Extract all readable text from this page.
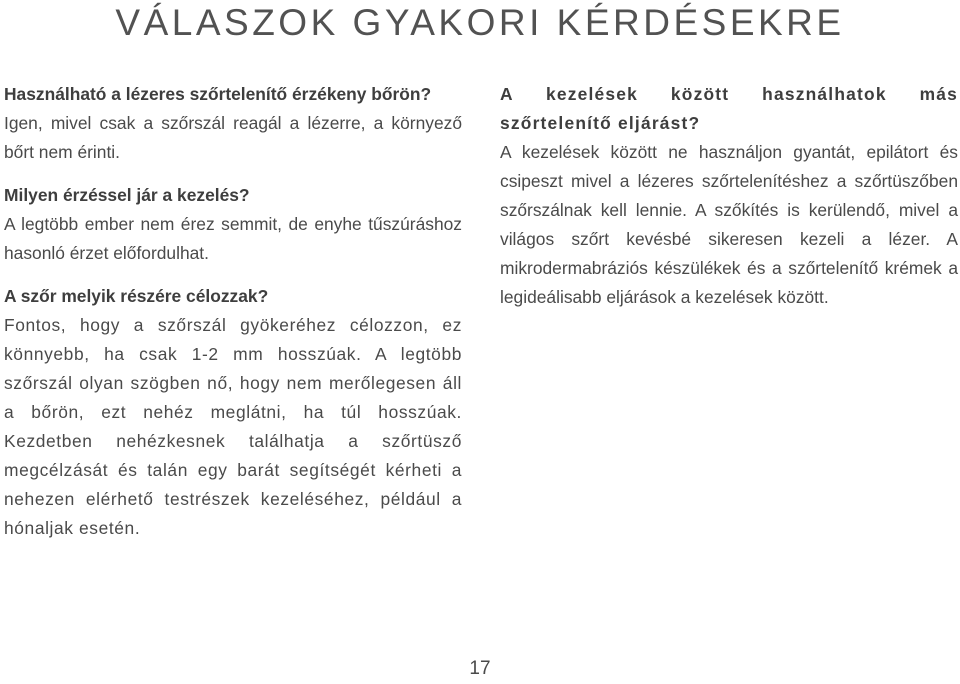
VÁLASZOK GYAKORI KÉRDÉSEKRE

Használható a lézeres szőrtelenítő érzékeny bőrön?

Igen, mivel csak a szőrszál reagál a lézerre, a környező bőrt nem érinti.

Milyen érzéssel jár a kezelés?

A legtöbb ember nem érez semmit, de enyhe tűszúráshoz hasonló érzet előfordulhat.

A szőr melyik részére célozzak?

Fontos, hogy a szőrszál gyökeréhez célozzon, ez könnyebb, ha csak 1-2 mm hosszúak. A legtöbb szőrszál olyan szögben nő, hogy nem merőlegesen áll a bőrön, ezt nehéz meglátni, ha túl hosszúak. Kezdetben nehézkesnek találhatja a szőrtüsző megcélzását és talán egy barát segítségét kérheti a nehezen elérhető testrészek kezeléséhez, például a hónaljak esetén.

A kezelések között használhatok más szőrtelenítő eljárást?

A kezelések között ne használjon gyantát, epilátort és csipeszt mivel a lézeres szőrtelenítéshez a szőrtüszőben szőrszálnak kell lennie. A szőkítés is kerülendő, mivel a világos szőrt kevésbé sikeresen kezeli a lézer. A mikrodermabráziós készülékek és a szőrtelenítő krémek a legideálisabb eljárások a kezelések között.

17
